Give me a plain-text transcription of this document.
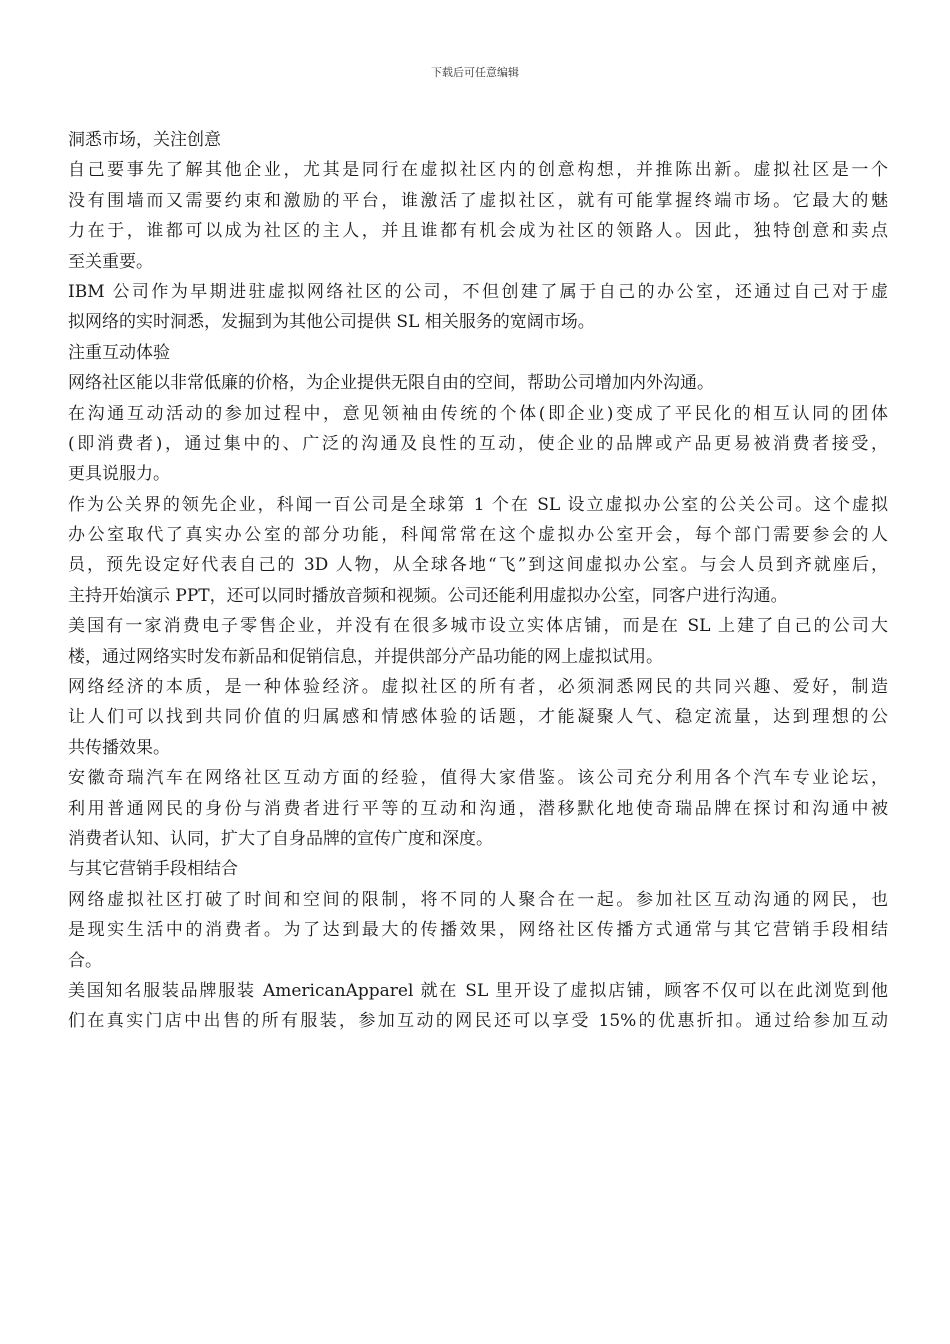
下载后可任意编辑
洞悉市场，关注创意
自己要事先了解其他企业，尤其是同行在虚拟社区内的创意构想，并推陈出新。虚拟社区是一个
没有围墙而又需要约束和激励的平台，谁激活了虚拟社区，就有可能掌握终端市场。它最大的魅
力在于，谁都可以成为社区的主人，并且谁都有机会成为社区的领路人。因此，独特创意和卖点
至关重要。
IBM 公司作为早期进驻虚拟网络社区的公司，不但创建了属于自己的办公室，还通过自己对于虚
拟网络的实时洞悉，发掘到为其他公司提供 SL 相关服务的宽阔市场。
注重互动体验
网络社区能以非常低廉的价格，为企业提供无限自由的空间，帮助公司增加内外沟通。
在沟通互动活动的参加过程中，意见领袖由传统的个体(即企业)变成了平民化的相互认同的团体
(即消费者)，通过集中的、广泛的沟通及良性的互动，使企业的品牌或产品更易被消费者接受，
更具说服力。
作为公关界的领先企业，科闻一百公司是全球第 1 个在 SL 设立虚拟办公室的公关公司。这个虚拟
办公室取代了真实办公室的部分功能，科闻常常在这个虚拟办公室开会，每个部门需要参会的人
员，预先设定好代表自己的 3D 人物，从全球各地“飞”到这间虚拟办公室。与会人员到齐就座后，
主持开始演示 PPT，还可以同时播放音频和视频。公司还能利用虚拟办公室，同客户进行沟通。
美国有一家消费电子零售企业，并没有在很多城市设立实体店铺，而是在 SL 上建了自己的公司大
楼，通过网络实时发布新品和促销信息，并提供部分产品功能的网上虚拟试用。
网络经济的本质，是一种体验经济。虚拟社区的所有者，必须洞悉网民的共同兴趣、爱好，制造
让人们可以找到共同价值的归属感和情感体验的话题，才能凝聚人气、稳定流量，达到理想的公
共传播效果。
安徽奇瑞汽车在网络社区互动方面的经验，值得大家借鉴。该公司充分利用各个汽车专业论坛，
利用普通网民的身份与消费者进行平等的互动和沟通，潜移默化地使奇瑞品牌在探讨和沟通中被
消费者认知、认同，扩大了自身品牌的宣传广度和深度。
与其它营销手段相结合
网络虚拟社区打破了时间和空间的限制，将不同的人聚合在一起。参加社区互动沟通的网民，也
是现实生活中的消费者。为了达到最大的传播效果，网络社区传播方式通常与其它营销手段相结
合。
美国知名服装品牌服装 AmericanApparel 就在 SL 里开设了虚拟店铺，顾客不仅可以在此浏览到他
们在真实门店中出售的所有服装，参加互动的网民还可以享受 15%的优惠折扣。通过给参加互动
